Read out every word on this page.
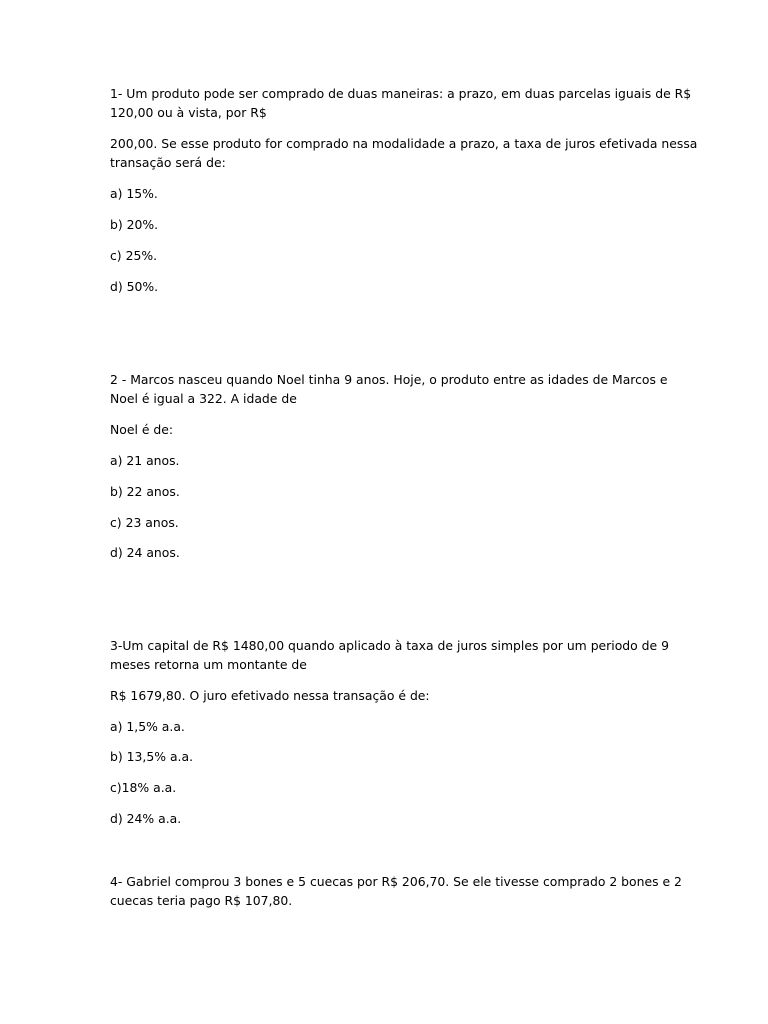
1- Um produto pode ser comprado de duas maneiras: a prazo, em duas parcelas iguais de R$

120,00 ou à vista, por R$

200,00. Se esse produto for comprado na modalidade a prazo, a taxa de juros efetivada nessa

transação será de:

a) 15%.

b) 20%.

c) 25%.

d) 50%.

2 - Marcos nasceu quando Noel tinha 9 anos. Hoje, o produto entre as idades de Marcos e

Noel é igual a 322. A idade de

Noel é de:

a) 21 anos.

b) 22 anos.

c) 23 anos.

d) 24 anos.

3-Um capital de R$ 1480,00 quando aplicado à taxa de juros simples por um periodo de 9

meses retorna um montante de

R$ 1679,80. O juro efetivado nessa transação é de:

a) 1,5% a.a.

b) 13,5% a.a.

c)18% a.a.

d) 24% a.a.

4- Gabriel comprou 3 bones e 5 cuecas por R$ 206,70. Se ele tivesse comprado 2 bones e 2

cuecas teria pago R$ 107,80.
